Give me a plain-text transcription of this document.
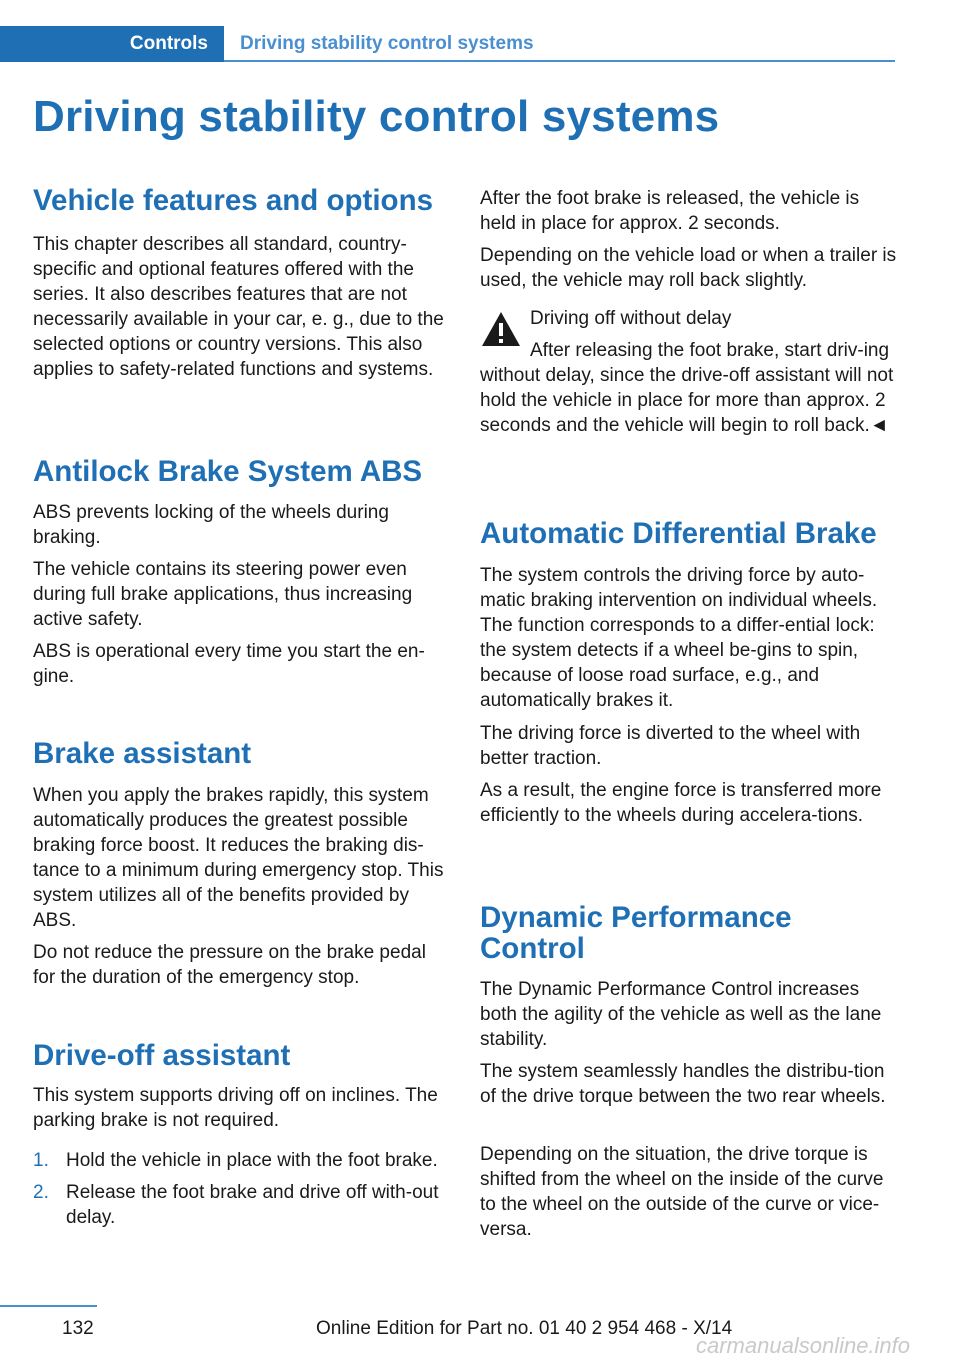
Controls Driving stability control systems
Driving stability control systems
Vehicle features and options

This chapter describes all standard, country-specific and optional features offered with the series. It also describes features that are not necessarily available in your car, e. g., due to the selected options or country versions. This also applies to safety-related functions and systems.

Antilock Brake System ABS

ABS prevents locking of the wheels during braking.

The vehicle contains its steering power even during full brake applications, thus increasing active safety.

ABS is operational every time you start the en-gine.

Brake assistant

When you apply the brakes rapidly, this system automatically produces the greatest possible braking force boost. It reduces the braking dis-tance to a minimum during emergency stop. This system utilizes all of the benefits provided by ABS.

Do not reduce the pressure on the brake pedal for the duration of the emergency stop.

Drive-off assistant

This system supports driving off on inclines. The parking brake is not required.

1. Hold the vehicle in place with the foot brake.
2. Release the foot brake and drive off with-out delay.

After the foot brake is released, the vehicle is held in place for approx. 2 seconds.

Depending on the vehicle load or when a trailer is used, the vehicle may roll back slightly.

Driving off without delay

After releasing the foot brake, start driv-ing without delay, since the drive-off assistant will not hold the vehicle in place for more than approx. 2 seconds and the vehicle will begin to roll back.◄

Automatic Differential Brake

The system controls the driving force by auto-matic braking intervention on individual wheels. The function corresponds to a differ-ential lock: the system detects if a wheel be-gins to spin, because of loose road surface, e.g., and automatically brakes it.

The driving force is diverted to the wheel with better traction.

As a result, the engine force is transferred more efficiently to the wheels during accelera-tions.

Dynamic Performance Control

The Dynamic Performance Control increases both the agility of the vehicle as well as the lane stability.

The system seamlessly handles the distribu-tion of the drive torque between the two rear wheels.

Depending on the situation, the drive torque is shifted from the wheel on the inside of the curve to the wheel on the outside of the curve or vice-versa.

132	Online Edition for Part no. 01 40 2 954 468 - X/14
carmanualsonline.info
